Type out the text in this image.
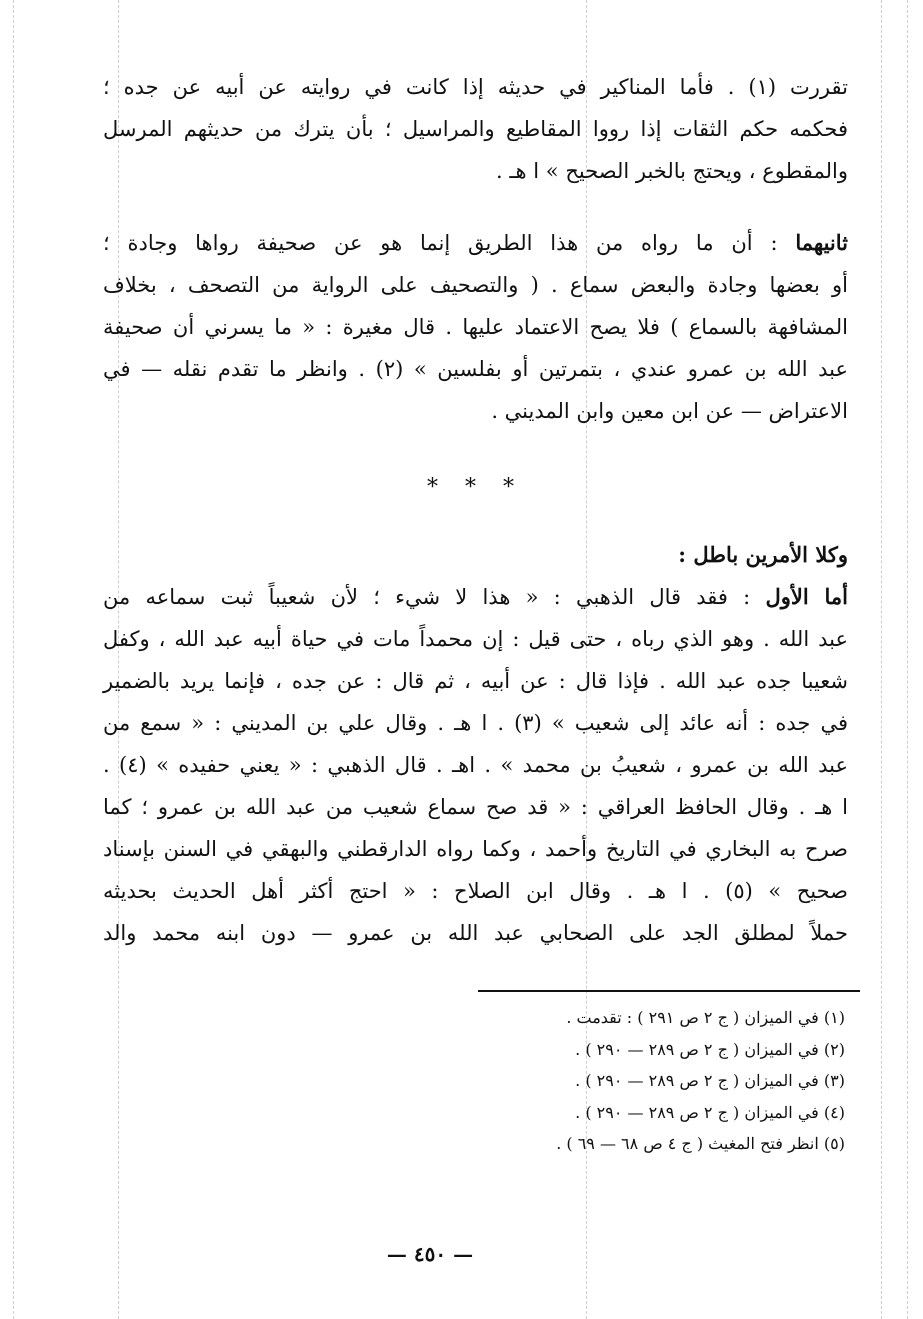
تقررت (١) . فأما المناكير في حديثه إذا كانت في روايته عن أبيه عن جده ؛
فحكمه حكم الثقات إذا رووا المقاطيع والمراسيل ؛ بأن يترك من حديثهم المرسل
والمقطوع ، ويحتج بالخبر الصحيح » ا هـ .
ثانيهما : أن ما رواه من هذا الطريق إنما هو عن صحيفة رواها وجادة ؛
أو بعضها وجادة والبعض سماع . ( والتصحيف على الرواية من التصحف ، بخلاف
المشافهة بالسماع ) فلا يصح الاعتماد عليها . قال مغيرة : « ما يسرني أن صحيفة
عبد الله بن عمرو عندي ، بتمرتين أو بفلسين » (٢) . وانظر ما تقدم نقله — في
الاعتراض — عن ابن معين وابن المديني .
* * *
وكلا الأمرين باطل :
أما الأول : فقد قال الذهبي : « هذا لا شيء ؛ لأن شعيباً ثبت سماعه من
عبد الله . وهو الذي رباه ، حتى قيل : إن محمداً مات في حياة أبيه عبد الله ، وكفل
شعيبا جده عبد الله . فإذا قال : عن أبيه ، ثم قال : عن جده ، فإنما يريد بالضمير
في جده : أنه عائد إلى شعيب » (٣) . ا هـ . وقال علي بن المديني : « سمع من
عبد الله بن عمرو ، شعيبُ بن محمد » . اهـ . قال الذهبي : « يعني حفيده » (٤) .
ا هـ . وقال الحافظ العراقي : « قد صح سماع شعيب من عبد الله بن عمرو ؛ كما
صرح به البخاري في التاريخ وأحمد ، وكما رواه الدارقطني والبهقي في السنن بإسناد
صحيح » (٥) . ا هـ . وقال ابن الصلاح : « احتج أكثر أهل الحديث بحديثه
حملاً لمطلق الجد على الصحابي عبد الله بن عمرو — دون ابنه محمد والد
(١) في الميزان ( ج ٢ ص ٢٩١ ) : تقدمت .
(٢) في الميزان ( ج ٢ ص ٢٨٩ — ٢٩٠ ) .
(٣) في الميزان ( ج ٢ ص ٢٨٩ — ٢٩٠ ) .
(٤) في الميزان ( ج ٢ ص ٢٨٩ — ٢٩٠ ) .
(٥) انظر فتح المغيث ( ج ٤ ص ٦٨ — ٦٩ ) .
— ٤٥٠ —
